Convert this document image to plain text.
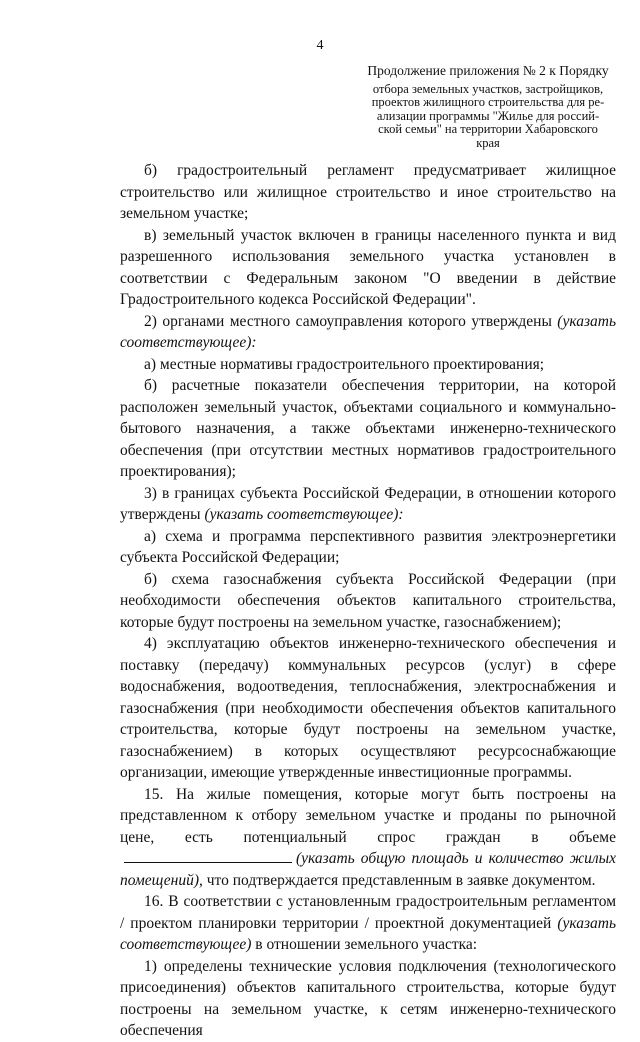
4
Продолжение приложения № 2 к Порядку
отбора земельных участков, застройщиков,
проектов жилищного строительства для ре-
ализации программы "Жилье для россий-
ской семьи" на территории Хабаровского
края

б) градостроительный регламент предусматривает жилищное строительство или жилищное строительство и иное строительство на земельном участке;

в) земельный участок включен в границы населенного пункта и вид разрешенного использования земельного участка установлен в соответствии с Федеральным законом "О введении в действие Градостроительного кодекса Российской Федерации".

2) органами местного самоуправления которого утверждены (указать соответствующее):

а) местные нормативы градостроительного проектирования;

б) расчетные показатели обеспечения территории, на которой расположен земельный участок, объектами социального и коммунально-бытового назначения, а также объектами инженерно-технического обеспечения (при отсутствии местных нормативов градостроительного проектирования);

3) в границах субъекта Российской Федерации, в отношении которого утверждены (указать соответствующее):

а) схема и программа перспективного развития электроэнергетики субъекта Российской Федерации;

б) схема газоснабжения субъекта Российской Федерации (при необходимости обеспечения объектов капитального строительства, которые будут построены на земельном участке, газоснабжением);

4) эксплуатацию объектов инженерно-технического обеспечения и поставку (передачу) коммунальных ресурсов (услуг) в сфере водоснабжения, водоотведения, теплоснабжения, электроснабжения и газоснабжения (при необходимости обеспечения объектов капитального строительства, которые будут построены на земельном участке, газоснабжением) в которых осуществляют ресурсоснабжающие организации, имеющие утвержденные инвестиционные программы.

15. На жилые помещения, которые могут быть построены на представленном к отбору земельном участке и проданы по рыночной цене, есть потенциальный спрос граждан в объеме(указать общую площадь и количество жилых помещений), что подтверждается представленным в заявке документом.

16. В соответствии с установленным градостроительным регламентом / проектом планировки территории / проектной документацией (указать соответствующее) в отношении земельного участка:

1) определены технические условия подключения (технологического присоединения) объектов капитального строительства, которые будут построены на земельном участке, к сетям инженерно-технического обеспечения
